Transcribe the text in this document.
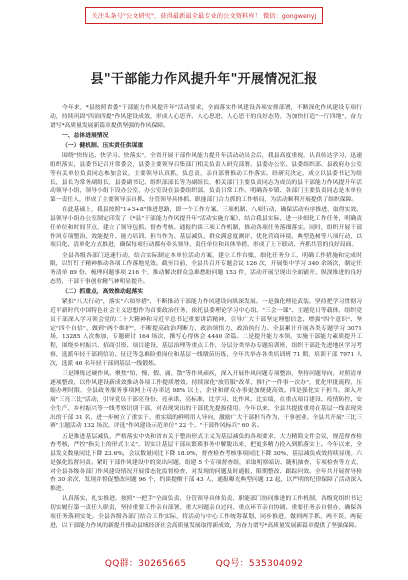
关注头条号"公文研究"，获得最新最全最专业的公文资料库！ 微信：gongwenyj
县"干部能力作风提升年"开展情况汇报

今年来，*县按照省委"干部能力作风提升年"活动要求，全面落实作风建设各项安排部署，不断深化作风建设专项行动，持续巩固"四治四提"作风建设成效，形成人心思齐、人心思进、人心思干的良好态势，为加快打造"一厅四地"，奋力谱写*高质量发展新篇章提供坚强的作风保障。

一、总体进展情况

（一）健机制、压实责任供谋重

围绕"快传达、快学习、快落实"，全省开展干部作风能力提升年活动动员会后，我县高度重视，认真传达学习，迅速组织落实，县委书记召开常委会，县委主要领导召集部门相关负责人研究部署。县委办公室、县委组织部、县政府办公室等有关单位负责同志参加会议，主要领导认真抓，负总责，亲自部署推动工作落实。经研究决定，成立以县委书记为组长，县长为常务副组长，县委副书记、组织部部长等为副组长，相关部门主要负责同志为成员的县干部能力作风提升年活动领导小组，领导小组下设办公室，办公室设在县委组织部，负责日常工作。明确各乡镇、各部门主要负责同志是本单位第一责任人，形成了主要领导亲自抓、分管领导具体抓、职能部门合力抓的工作格局，为活动顺利开展提供了组织保障。

在此基础上，我县按照"1+3+8"推进思路，即一个工作方案、三项机制、八项行动，确保活动有序推进、取得实效。县领导小组办公室制定印发了《*县"干部能力作风提升年"活动实施方案》，结合我县实际，进一步细化工作任务，明确责任单位和时间节点，建立了领导包抓、督查考核、通报约谈三项工作机制，推动各项任务落细落实。同时，组织开展干部作风专项整治、效能提升、能力培训、担当作为、基层减负、群众满意度测评、优化营商环境、典型选树等八项行动，以项目化、清单化方式推进，确保每项行动都有牵头领导、责任单位和具体举措，形成了上下联动、齐抓共管的良好局面。

全县各级各部门迅速行动，结合实际制定本单位活动方案，建立工作台账，细化任务分工，明确工作措施和完成时限，以钉钉子精神推动各项工作落地见效。截至目前，全县共召开专题会议 126 次，开展集中学习 340 余场次，制定任务清单 89 份，梳理问题事项 216 个，推动解决群众急难愁盼问题 153 件，活动开展呈现出全面铺开、纵深推进的良好态势，干部干事创业精气神明显提升。

（二）抓重点，高效推动起落实

紧扣"八大行动"，落实"六项举措"，不断推动干部能力作风建设向纵深发展。一是强化理论武装。坚持把学习贯彻习近平新时代中国特色社会主义思想作为首要政治任务，依托县委理论学习中心组、"三会一课"、主题党日等载体，组织党员干部深入学习领会党的二十大精神和习近平总书记重要讲话精神，引导广大干部坚定理想信念、增强"四个意识"、坚定"四个自信"、做到"两个维护"，不断提高政治判断力、政治领悟力、政治执行力。全县累计开展各类专题学习 3071 场，13285 人次参加，专题研讨 164 场次，撰写心得体会 4440 余篇。二是提升能力本领。实施干部能力素质提升工程，围绕乡村振兴、招商引资、项目建设、基层治理等重点工作，分层分类举办专题培训班，组织干部赴先进地区学习考察，选派年轻干部到信访、征迁等急难险重岗位和基层一线墩苗历练，全年共举办各类培训班 71 期，培训干部 7971 人次，选派 46 名年轻干部到基层一线锻炼。

三是锤炼过硬作风。聚焦"怕、慢、假、庸、散"等作风顽疾，深入开展作风问题专项整治，坚持问题导向，对照清单逐项整改，以作风建设新成效推动各项工作提质增效。持续深化"放管服"改革，推行"一件事一次办"，优化审批流程，压缩办理时限，全县政务服务事项网上可办率达 98% 以上，企业和群众办事更加便捷高效。四是强化实干担当。深入开展"三亮三比"活动，引导党员干部亮身份、亮承诺、亮标准，比学习、比作风、比实绩，在重点项目建设、疫情防控、安全生产、乡村振兴等一线考察识别干部，对表现突出的干部优先提拔使用。今年以来，全县共提拔重用在基层一线表现突出的干部 31 名，进一步树立了重实干、重实绩的鲜明用人导向，激励广大干部担当作为、干事创业。全县共开展"三比三赛"主题活动 132 场次，评选"作风建设示范单位" 22 个、"干部作风标兵" 60 名。

五是推进基层减负。严格落实中央和省市关于整治形式主义为基层减负的各项要求，大力精简文件会议，规范督查检查考核，严控"指尖上的形式主义"，切实让基层干部从繁琐事务中解脱出来，把更多精力投入到抓落实上。今年以来，全县发文数量同比下降 23.6%，会议数量同比下降 18.9%，督查检查考核事项同比下降 30%，基层减负成效持续显现。六是强化监督问责。紧盯干部作风建设中的突出问题，组建 5 个专项督查组，采取明察暗访、随机抽查、专项检查等方式，对全县各级各部门作风建设情况开展常态化监督检查，对发现的问题及时通报、限期整改、跟踪问效。全年共开展督导检查 30 余次，发现并督促整改问题 96 个，约谈提醒干部 43 人，通报曝光典型问题 12 起，以严明的纪律保障了活动深入推进。

认真落实，扎实推进。按照"一把手"全面负责、分管领导具体负责、职能部门协同推进的工作机制，各级党组织书记切实履行第一责任人职责，坚持重要工作亲自部署、重大问题亲自过问、重点环节亲自协调、重要任务亲自督办，确保各项任务落到实处。全县各级各部门结合工作实际，将活动与中心工作统筹谋划、同步推进，做到两手抓、两不误、两促进，以干部能力作风的新提升推动县域经济社会高质量发展取得新成效，为奋力谱写*高质量发展新篇章提供了坚强保障。

QQ群：30265665	QQ号：535304092
